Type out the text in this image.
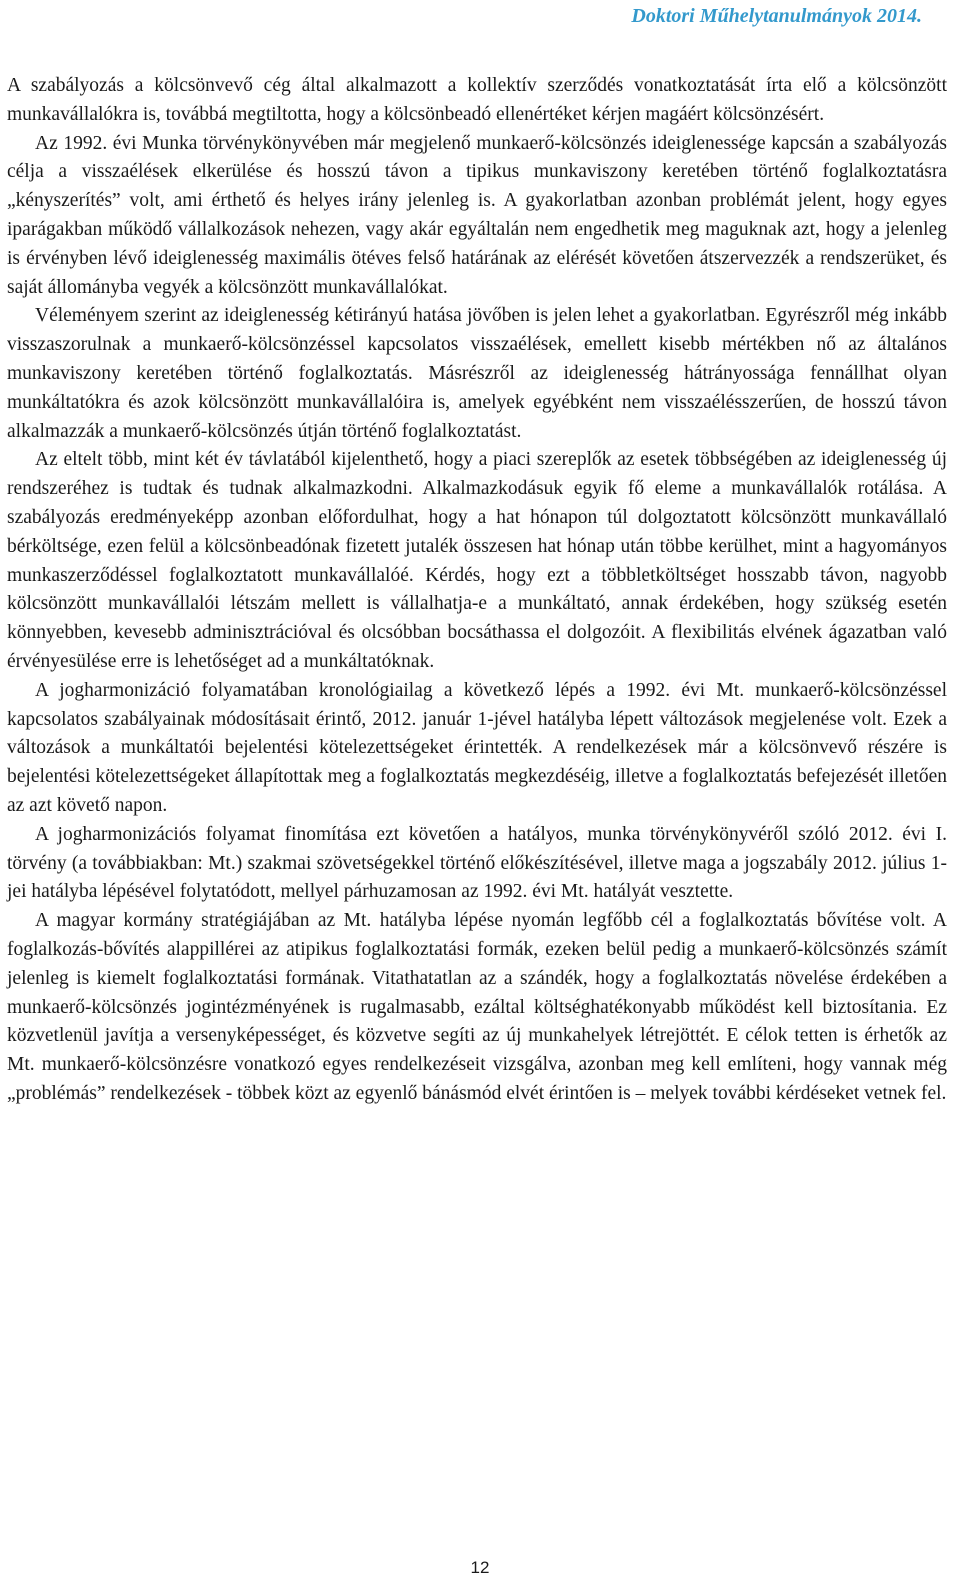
Doktori Műhelytanulmányok 2014.

A szabályozás a kölcsönvevő cég által alkalmazott a kollektív szerződés vonatkoztatását írta elő a kölcsönzött munkavállalókra is, továbbá megtiltotta, hogy a kölcsönbeadó ellenértéket kérjen magáért kölcsönzésért.

Az 1992. évi Munka törvénykönyvében már megjelenő munkaerő-kölcsönzés ideiglenessége kapcsán a szabályozás célja a visszaélések elkerülése és hosszú távon a tipikus munkaviszony keretében történő foglalkoztatásra „kényszerítés” volt, ami érthető és helyes irány jelenleg is. A gyakorlatban azonban problémát jelent, hogy egyes iparágakban működő vállalkozások nehezen, vagy akár egyáltalán nem engedhetik meg maguknak azt, hogy a jelenleg is érvényben lévő ideiglenesség maximális ötéves felső határának az elérését követően átszervezzék a rendszerüket, és saját állományba vegyék a kölcsönzött munkavállalókat.

Véleményem szerint az ideiglenesség kétirányú hatása jövőben is jelen lehet a gyakorlatban. Egyrészről még inkább visszaszorulnak a munkaerő-kölcsönzéssel kapcsolatos visszaélések, emellett kisebb mértékben nő az általános munkaviszony keretében történő foglalkoztatás. Másrészről az ideiglenesség hátrányossága fennállhat olyan munkáltatókra és azok kölcsönzött munkavállalóira is, amelyek egyébként nem visszaélésszerűen, de hosszú távon alkalmazzák a munkaerő-kölcsönzés útján történő foglalkoztatást.

Az eltelt több, mint két év távlatából kijelenthető, hogy a piaci szereplők az esetek többségében az ideiglenesség új rendszeréhez is tudtak és tudnak alkalmazkodni. Alkalmazkodásuk egyik fő eleme a munkavállalók rotálása. A szabályozás eredményeképp azonban előfordulhat, hogy a hat hónapon túl dolgoztatott kölcsönzött munkavállaló bérköltsége, ezen felül a kölcsönbeadónak fizetett jutalék összesen hat hónap után többe kerülhet, mint a hagyományos munkaszerződéssel foglalkoztatott munkavállalóé. Kérdés, hogy ezt a többletköltséget hosszabb távon, nagyobb kölcsönzött munkavállalói létszám mellett is vállalhatja-e a munkáltató, annak érdekében, hogy szükség esetén könnyebben, kevesebb adminisztrációval és olcsóbban bocsáthassa el dolgozóit. A flexibilitás elvének ágazatban való érvényesülése erre is lehetőséget ad a munkáltatóknak.

A jogharmonizáció folyamatában kronológiailag a következő lépés a 1992. évi Mt. munkaerő-kölcsönzéssel kapcsolatos szabályainak módosításait érintő, 2012. január 1-jével hatályba lépett változások megjelenése volt. Ezek a változások a munkáltatói bejelentési kötelezettségeket érintették. A rendelkezések már a kölcsönvevő részére is bejelentési kötelezettségeket állapítottak meg a foglalkoztatás megkezdéséig, illetve a foglalkoztatás befejezését illetően az azt követő napon.

A jogharmonizációs folyamat finomítása ezt követően a hatályos, munka törvénykönyvéről szóló 2012. évi I. törvény (a továbbiakban: Mt.) szakmai szövetségekkel történő előkészítésével, illetve maga a jogszabály 2012. július 1-jei hatályba lépésével folytatódott, mellyel párhuzamosan az 1992. évi Mt. hatályát vesztette.

A magyar kormány stratégiájában az Mt. hatályba lépése nyomán legfőbb cél a foglalkoztatás bővítése volt. A foglalkozás-bővítés alappillérei az atipikus foglalkoztatási formák, ezeken belül pedig a munkaerő-kölcsönzés számít jelenleg is kiemelt foglalkoztatási formának. Vitathatatlan az a szándék, hogy a foglalkoztatás növelése érdekében a munkaerő-kölcsönzés jogintézményének is rugalmasabb, ezáltal költséghatékonyabb működést kell biztosítania. Ez közvetlenül javítja a versenyképességet, és közvetve segíti az új munkahelyek létrejöttét. E célok tetten is érhetők az Mt. munkaerő-kölcsönzésre vonatkozó egyes rendelkezéseit vizsgálva, azonban meg kell említeni, hogy vannak még „problémás” rendelkezések - többek közt az egyenlő bánásmód elvét érintően is – melyek további kérdéseket vetnek fel.

12
